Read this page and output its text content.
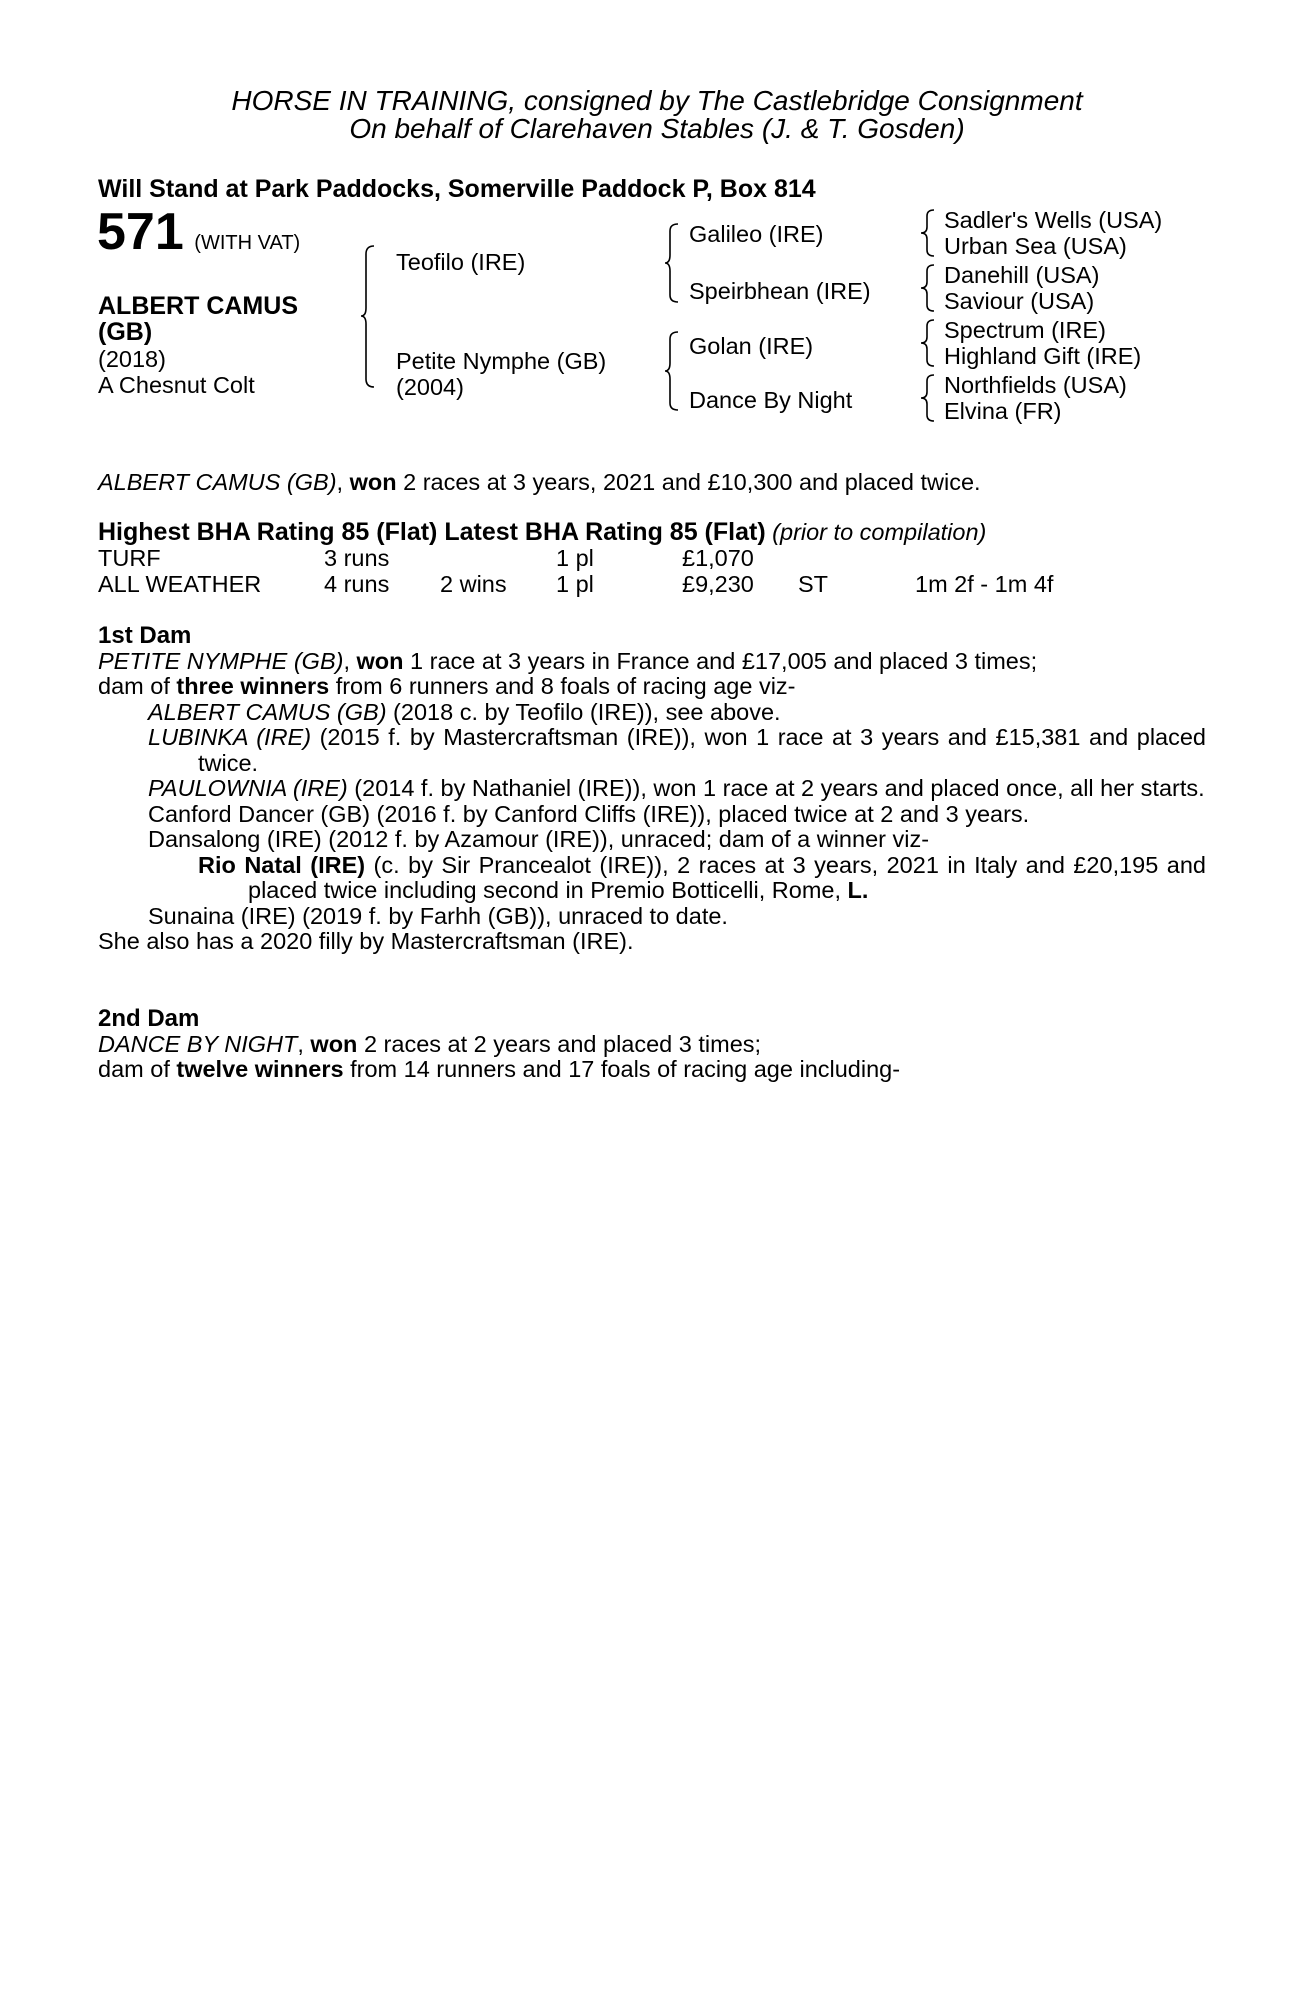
HORSE IN TRAINING, consigned by The Castlebridge Consignment
On behalf of Clarehaven Stables (J. & T. Gosden)
Will Stand at Park Paddocks, Somerville Paddock P, Box 814
571 (WITH VAT)
ALBERT CAMUS
(GB)
(2018)
A Chesnut Colt
Teofilo (IRE)
Petite Nymphe (GB)
(2004)
Galileo (IRE)
Speirbhean (IRE)
Golan (IRE)
Dance By Night
Sadler's Wells (USA)
Urban Sea (USA)
Danehill (USA)
Saviour (USA)
Spectrum (IRE)
Highland Gift (IRE)
Northfields (USA)
Elvina (FR)
ALBERT CAMUS (GB), won 2 races at 3 years, 2021 and £10,300 and placed twice.
Highest BHA Rating 85 (Flat) Latest BHA Rating 85 (Flat) (prior to compilation)
TURF	3 runs	1 pl	£1,070
ALL WEATHER	4 runs 2 wins 1 pl	£9,230 ST	1m 2f - 1m 4f

1st Dam

PETITE NYMPHE (GB), won 1 race at 3 years in France and £17,005 and placed 3 times;

dam of three winners from 6 runners and 8 foals of racing age viz-

ALBERT CAMUS (GB) (2018 c. by Teofilo (IRE)), see above.

LUBINKA (IRE) (2015 f. by Mastercraftsman (IRE)), won 1 race at 3 years and £15,381 and placed twice.

PAULOWNIA (IRE) (2014 f. by Nathaniel (IRE)), won 1 race at 2 years and placed once, all her starts.

Canford Dancer (GB) (2016 f. by Canford Cliffs (IRE)), placed twice at 2 and 3 years.

Dansalong (IRE) (2012 f. by Azamour (IRE)), unraced; dam of a winner viz-

Rio Natal (IRE) (c. by Sir Prancealot (IRE)), 2 races at 3 years, 2021 in Italy and £20,195 and placed twice including second in Premio Botticelli, Rome, L.

Sunaina (IRE) (2019 f. by Farhh (GB)), unraced to date.

She also has a 2020 filly by Mastercraftsman (IRE).

2nd Dam

DANCE BY NIGHT, won 2 races at 2 years and placed 3 times;

dam of twelve winners from 14 runners and 17 foals of racing age including-
